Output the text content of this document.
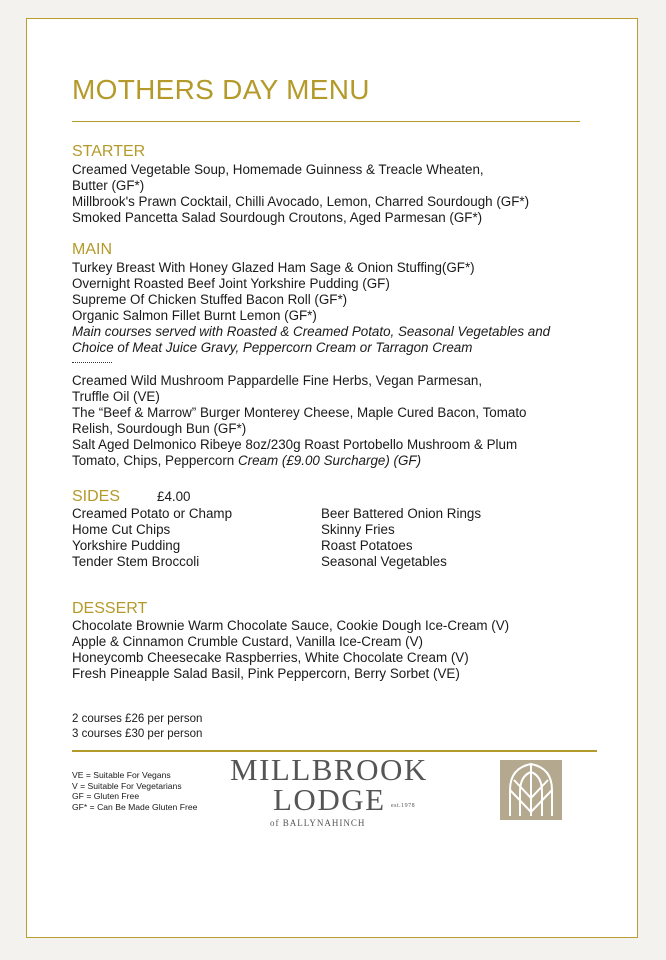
MOTHERS DAY MENU
STARTER
Creamed Vegetable Soup, Homemade Guinness & Treacle Wheaten,
Butter (GF*)
Millbrook's Prawn Cocktail, Chilli Avocado, Lemon, Charred Sourdough (GF*)
Smoked Pancetta Salad Sourdough Croutons, Aged Parmesan (GF*)
MAIN
Turkey Breast With Honey Glazed Ham Sage & Onion Stuffing(GF*)
Overnight Roasted Beef Joint Yorkshire Pudding (GF)
Supreme Of Chicken Stuffed Bacon Roll (GF*)
Organic Salmon Fillet Burnt Lemon (GF*)
Main courses served with Roasted & Creamed Potato, Seasonal Vegetables and
Choice of Meat Juice Gravy, Peppercorn Cream or Tarragon Cream
Creamed Wild Mushroom Pappardelle Fine Herbs, Vegan Parmesan,
Truffle Oil (VE)
The “Beef & Marrow” Burger Monterey Cheese, Maple Cured Bacon, Tomato
Relish, Sourdough Bun (GF*)
Salt Aged Delmonico Ribeye 8oz/230g Roast Portobello Mushroom & Plum
Tomato, Chips, Peppercorn Cream (£9.00 Surcharge) (GF)
SIDES	£4.00
Creamed Potato or Champ
Home Cut Chips
Yorkshire Pudding
Tender Stem Broccoli
Beer Battered Onion Rings
Skinny Fries
Roast Potatoes
Seasonal Vegetables
DESSERT
Chocolate Brownie Warm Chocolate Sauce, Cookie Dough Ice-Cream (V)
Apple & Cinnamon Crumble Custard, Vanilla Ice-Cream (V)
Honeycomb Cheesecake Raspberries, White Chocolate Cream (V)
Fresh Pineapple Salad Basil, Pink Peppercorn, Berry Sorbet (VE)
2 courses £26 per person
3 courses £30 per person
VE = Suitable For Vegans
V = Suitable For Vegetarians
GF = Gluten Free
GF* = Can Be Made Gluten Free
MILLBROOK
LODGE est.1978
of BALLYNAHINCH
